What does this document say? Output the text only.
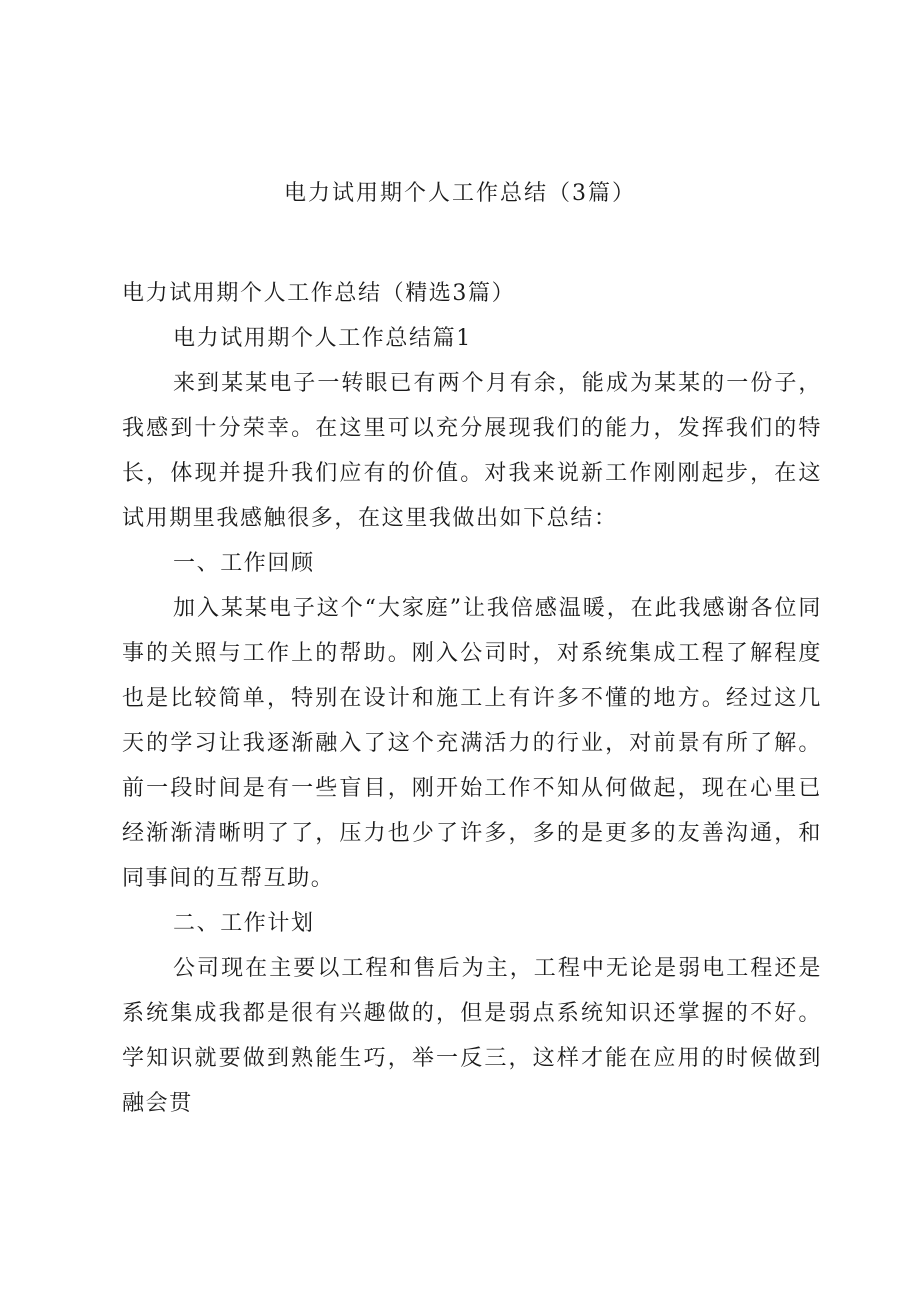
电力试用期个人工作总结（3篇）

电力试用期个人工作总结（精选3篇）

电力试用期个人工作总结篇1

来到某某电子一转眼已有两个月有余，能成为某某的一份子，我感到十分荣幸。在这里可以充分展现我们的能力，发挥我们的特长，体现并提升我们应有的价值。对我来说新工作刚刚起步，在这试用期里我感触很多，在这里我做出如下总结：

一、工作回顾

加入某某电子这个“大家庭”让我倍感温暖，在此我感谢各位同事的关照与工作上的帮助。刚入公司时，对系统集成工程了解程度也是比较简单，特别在设计和施工上有许多不懂的地方。经过这几天的学习让我逐渐融入了这个充满活力的行业，对前景有所了解。前一段时间是有一些盲目，刚开始工作不知从何做起，现在心里已经渐渐清晰明了了，压力也少了许多，多的是更多的友善沟通，和同事间的互帮互助。

二、工作计划

公司现在主要以工程和售后为主，工程中无论是弱电工程还是系统集成我都是很有兴趣做的，但是弱点系统知识还掌握的不好。学知识就要做到熟能生巧，举一反三，这样才能在应用的时候做到融会贯
